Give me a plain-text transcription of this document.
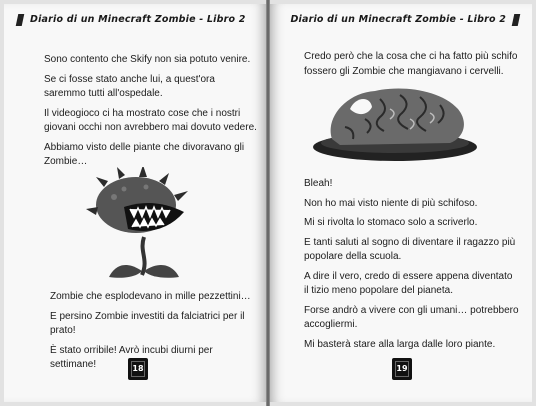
Diario di un Minecraft Zombie - Libro 2

Sono contento che Skify non sia potuto venire.

Se ci fosse stato anche lui, a quest'ora saremmo tutti all'ospedale.

Il videogioco ci ha mostrato cose che i nostri giovani occhi non avrebbero mai dovuto vedere.

Abbiamo visto delle piante che divoravano gli Zombie…

Zombie che esplodevano in mille pezzettini…

E persino Zombie investiti da falciatrici per il prato!

È stato orribile! Avrò incubi diurni per settimane!	18
Diario di un Minecraft Zombie - Libro 2

Credo però che la cosa che ci ha fatto più schifo fossero gli Zombie che mangiavano i cervelli.

Bleah!

Non ho mai visto niente di più schifoso.

Mi si rivolta lo stomaco solo a scriverlo.

E tanti saluti al sogno di diventare il ragazzo più popolare della scuola.

A dire il vero, credo di essere appena diventato il tizio meno popolare del pianeta.

Forse andrò a vivere con gli umani… potrebbero accogliermi.

Mi basterà stare alla larga dalle loro piante.

19
